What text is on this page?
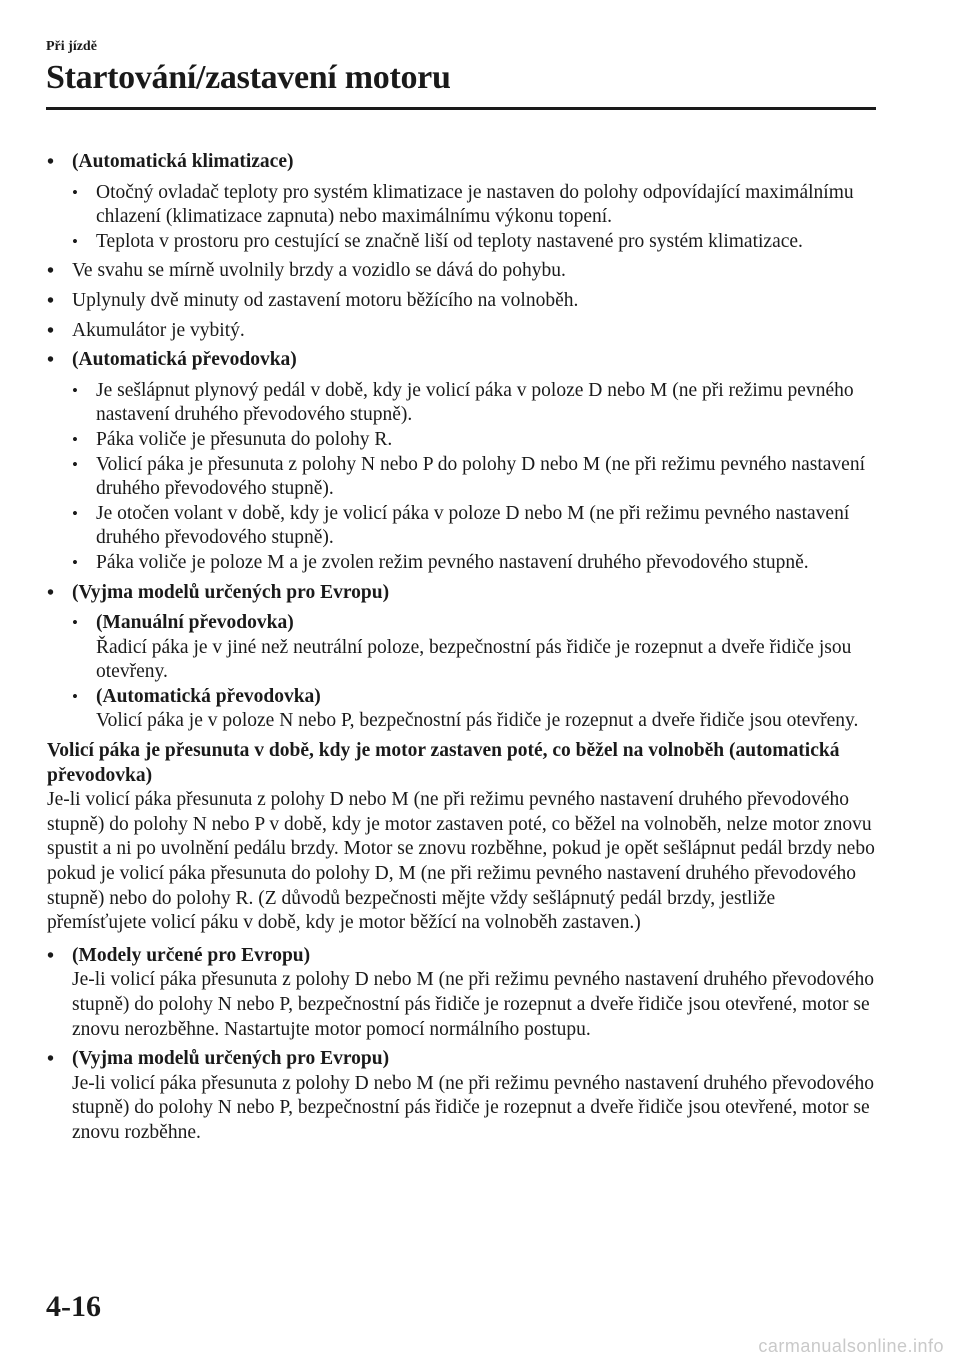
Při jízdě
Startování/zastavení motoru
• (Automatická klimatizace)
• Otočný ovladač teploty pro systém klimatizace je nastaven do polohy odpovídající maximálnímu chlazení (klimatizace zapnuta) nebo maximálnímu výkonu topení.
• Teplota v prostoru pro cestující se značně liší od teploty nastavené pro systém klimatizace.
• Ve svahu se mírně uvolnily brzdy a vozidlo se dává do pohybu.
• Uplynuly dvě minuty od zastavení motoru běžícího na volnoběh.
• Akumulátor je vybitý.
• (Automatická převodovka)
• Je sešlápnut plynový pedál v době, kdy je volicí páka v poloze D nebo M (ne při režimu pevného nastavení druhého převodového stupně).
• Páka voliče je přesunuta do polohy R.
• Volicí páka je přesunuta z polohy N nebo P do polohy D nebo M (ne při režimu pevného nastavení druhého převodového stupně).
• Je otočen volant v době, kdy je volicí páka v poloze D nebo M (ne při režimu pevného nastavení druhého převodového stupně).
• Páka voliče je poloze M a je zvolen režim pevného nastavení druhého převodového stupně.
• (Vyjma modelů určených pro Evropu)
• (Manuální převodovka)
Řadicí páka je v jiné než neutrální poloze, bezpečnostní pás řidiče je rozepnut a dveře řidiče jsou otevřeny.
• (Automatická převodovka)
Volicí páka je v poloze N nebo P, bezpečnostní pás řidiče je rozepnut a dveře řidiče jsou otevřeny.
Volicí páka je přesunuta v době, kdy je motor zastaven poté, co běžel na volnoběh (automatická převodovka)
Je-li volicí páka přesunuta z polohy D nebo M (ne při režimu pevného nastavení druhého převodového stupně) do polohy N nebo P v době, kdy je motor zastaven poté, co běžel na volnoběh, nelze motor znovu spustit a ni po uvolnění pedálu brzdy. Motor se znovu rozběhne, pokud je opět sešlápnut pedál brzdy nebo pokud je volicí páka přesunuta do polohy D, M (ne při režimu pevného nastavení druhého převodového stupně) nebo do polohy R. (Z důvodů bezpečnosti mějte vždy sešlápnutý pedál brzdy, jestliže přemísťujete volicí páku v době, kdy je motor běžící na volnoběh zastaven.)
• (Modely určené pro Evropu)
Je-li volicí páka přesunuta z polohy D nebo M (ne při režimu pevného nastavení druhého převodového stupně) do polohy N nebo P, bezpečnostní pás řidiče je rozepnut a dveře řidiče jsou otevřené, motor se znovu nerozběhne. Nastartujte motor pomocí normálního postupu.
• (Vyjma modelů určených pro Evropu)
Je-li volicí páka přesunuta z polohy D nebo M (ne při režimu pevného nastavení druhého převodového stupně) do polohy N nebo P, bezpečnostní pás řidiče je rozepnut a dveře řidiče jsou otevřené, motor se znovu rozběhne.
4-16
carmanualsonline.info
